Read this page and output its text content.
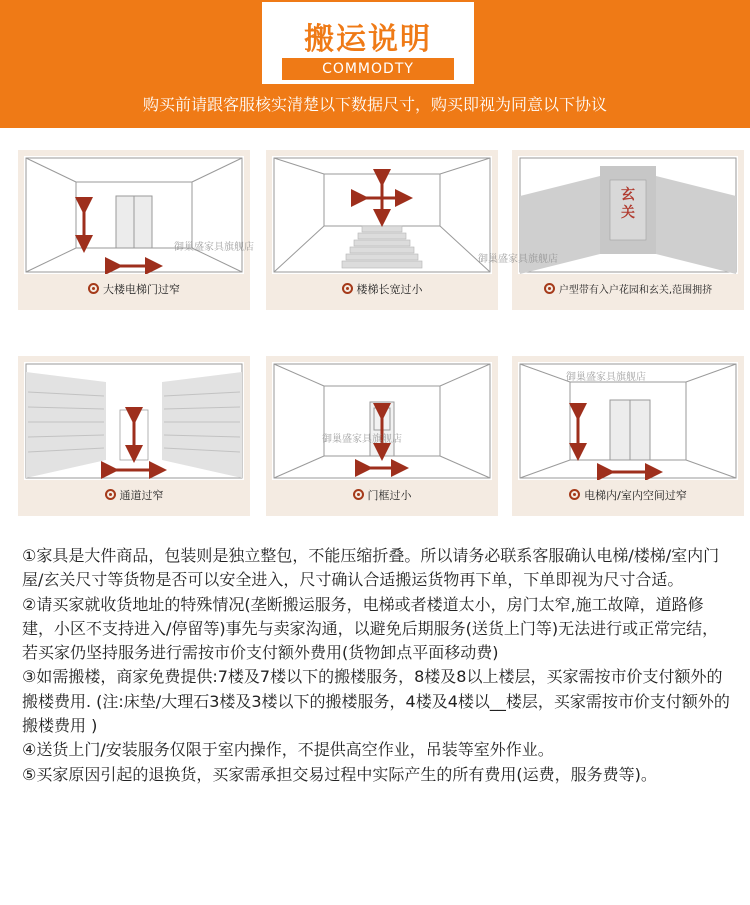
搬运说明
COMMODTY
购买前请跟客服核实清楚以下数据尺寸，购买即视为同意以下协议
大楼电梯门过窄	楼梯长宽过小
玄关
户型带有入户花园和玄关,范围拥挤
通道过窄	门框过小	电梯内/室内空间过窄
御巢盛家具旗舰店
御巢盛家具旗舰店
御巢盛家具旗舰店
御巢盛家具旗舰店

①家具是大件商品，包装则是独立整包，不能压缩折叠。所以请务必联系客服确认电梯/楼梯/室内门屋/玄关尺寸等货物是否可以安全进入，尺寸确认合适搬运货物再下单，下单即视为尺寸合适。

②请买家就收货地址的特殊情况(垄断搬运服务，电梯或者楼道太小，房门太窄,施工故障，道路修建，小区不支持进入/停留等)事先与卖家沟通，以避免后期服务(送货上门等)无法进行或正常完结，若买家仍坚持服务进行需按市价支付额外费用(货物卸点平面移动费)

③如需搬楼，商家免费提供:7楼及7楼以下的搬楼服务，8楼及8以上楼层，买家需按市价支付额外的搬楼费用. (注:床垫/大理石3楼及3楼以下的搬楼服务，4楼及4楼以__楼层，买家需按市价支付额外的搬楼费用 )

④送货上门/安装服务仅限于室内操作，不提供高空作业，吊装等室外作业。

⑤买家原因引起的退换货，买家需承担交易过程中实际产生的所有费用(运费，服务费等)。
